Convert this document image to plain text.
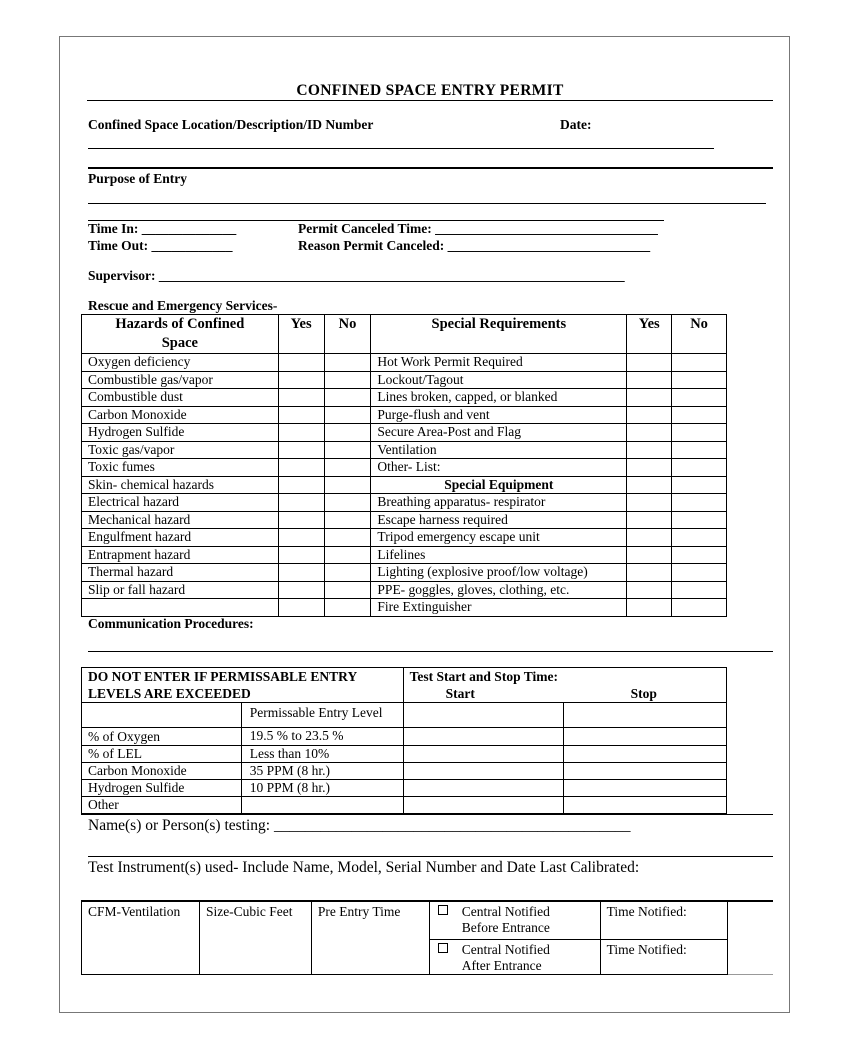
CONFINED SPACE ENTRY PERMIT
Confined Space Location/Description/ID Number	Date:
Purpose of Entry
Time In: ______________
Time Out: ____________
Permit Canceled Time: _________________________________
Reason Permit Canceled: ______________________________
Supervisor: _____________________________________________________________________
Rescue and Emergency Services-
Hazards of Confined Space	Yes	No	Special Requirements	Yes	No
Oxygen deficiency			Hot Work Permit Required		
Combustible gas/vapor			Lockout/Tagout		
Combustible dust			Lines broken, capped, or blanked		
Carbon Monoxide			Purge-flush and vent		
Hydrogen Sulfide			Secure Area-Post and Flag		
Toxic gas/vapor			Ventilation		
Toxic fumes			Other- List:		
Skin- chemical hazards			Special Equipment		
Electrical hazard			Breathing apparatus- respirator		
Mechanical hazard			Escape harness required		
Engulfment hazard			Tripod emergency escape unit		
Entrapment hazard			Lifelines		
Thermal hazard			Lighting (explosive proof/low voltage)		
Slip or fall hazard			PPE- goggles, gloves, clothing, etc.		
			Fire Extinguisher		
Communication Procedures:
DO NOT ENTER IF PERMISSABLE ENTRY LEVELS ARE EXCEEDED		Test Start and Stop Time:
Start Stop	

	Permissable Entry Level		
% of Oxygen	19.5 % to 23.5 %		
% of LEL	Less than 10%		
Carbon Monoxide	35 PPM (8 hr.)		
Hydrogen Sulfide	10 PPM (8 hr.)		
Other			
Name(s) or Person(s) testing: ______________________________________________
Test Instrument(s) used- Include Name, Model, Serial Number and Date Last Calibrated:
CFM-Ventilation	Size-Cubic Feet	Pre Entry Time	Central Notified
Before Entrance	Time Notified:	
			Central Notified
After Entrance	Time Notified:	
